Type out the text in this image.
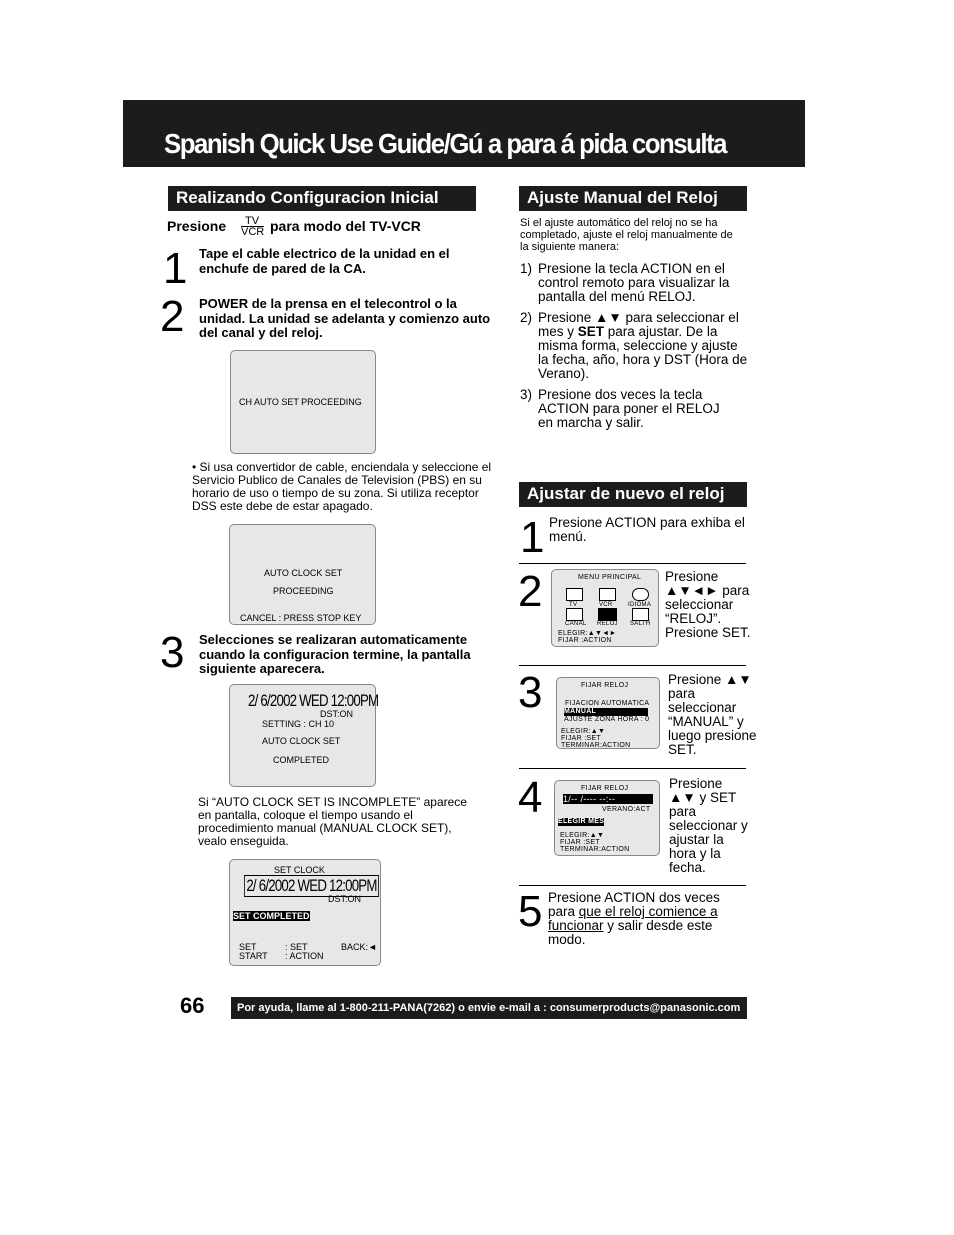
Spanish Quick Use Guide/Gú a para á pida consulta
Realizando Configuracion Inicial
Presione TV
VCR para modo del TV-VCR
1 Tape el cable electrico de la unidad en el enchufe de pared de la CA.
2 POWER de la prensa en el telecontrol o la unidad. La unidad se adelanta y comienzo auto del canal y del reloj.
CH AUTO SET PROCEEDING
• Si usa convertidor de cable, enciendala y seleccione el Servicio Publico de Canales de Television (PBS) en su horario de uso o tiempo de su zona. Si utiliza receptor DSS este debe de estar apagado.
AUTO CLOCK SET
PROCEEDING
CANCEL : PRESS STOP KEY
3 Selecciones se realizaran automaticamente cuando la configuracion termine, la pantalla siguiente aparecera.
2/ 6/2002 WED 12:00PM
DST:ON
SETTING : CH 10
AUTO CLOCK SET
COMPLETED
Si “AUTO CLOCK SET IS INCOMPLETE” aparece en pantalla, coloque el tiempo usando el procedimiento manual (MANUAL CLOCK SET), vealo enseguida.
SET CLOCK
2/ 6/2002 WED 12:00PM
DST:ON
SET COMPLETED
SET	: SET	BACK:◄
START : ACTION
Ajuste Manual del Reloj
Si el ajuste automático del reloj no se ha completado, ajuste el reloj manualmente de la siguiente manera:
1) Presione la tecla ACTION en el control remoto para visualizar la pantalla del menú RELOJ.
2) Presione ▲▼ para seleccionar el mes y SET para ajustar. De la misma forma, seleccione y ajuste la fecha, año, hora y DST (Hora de Verano).
3) Presione dos veces la tecla ACTION para poner el RELOJ en marcha y salir.
Ajustar de nuevo el reloj
1 Presione ACTION para exhiba el menú.
2	MENU PRINCIPAL
TV	VCR	IDIOMA
CANAL RELOJ SALTH
ELEGIR:▲▼◄►
FIJAR :ACTION
Presione ▲▼◄► para seleccionar “RELOJ”. Presione SET.
3	FIJAR RELOJ
FIJACION AUTOMATICA
MANUAL
AJUSTE ZONA HORA : 0
ELEGIR:▲▼
FIJAR :SET
TERMINAR:ACTION
Presione ▲▼ para seleccionar “MANUAL” y luego presione SET.
4	FIJAR RELOJ
1/-- /---- --:--
VERANO:ACT
ELEGIR MES
ELEGIR:▲▼
FIJAR :SET
TERMINAR:ACTION
Presione ▲▼ y SET para seleccionar y ajustar la hora y la fecha.
5 Presione ACTION dos veces para que el reloj comience a funcionar y salir desde este modo.
66	Por ayuda, llame al 1-800-211-PANA(7262) o envie e-mail a : consumerproducts@panasonic.com
